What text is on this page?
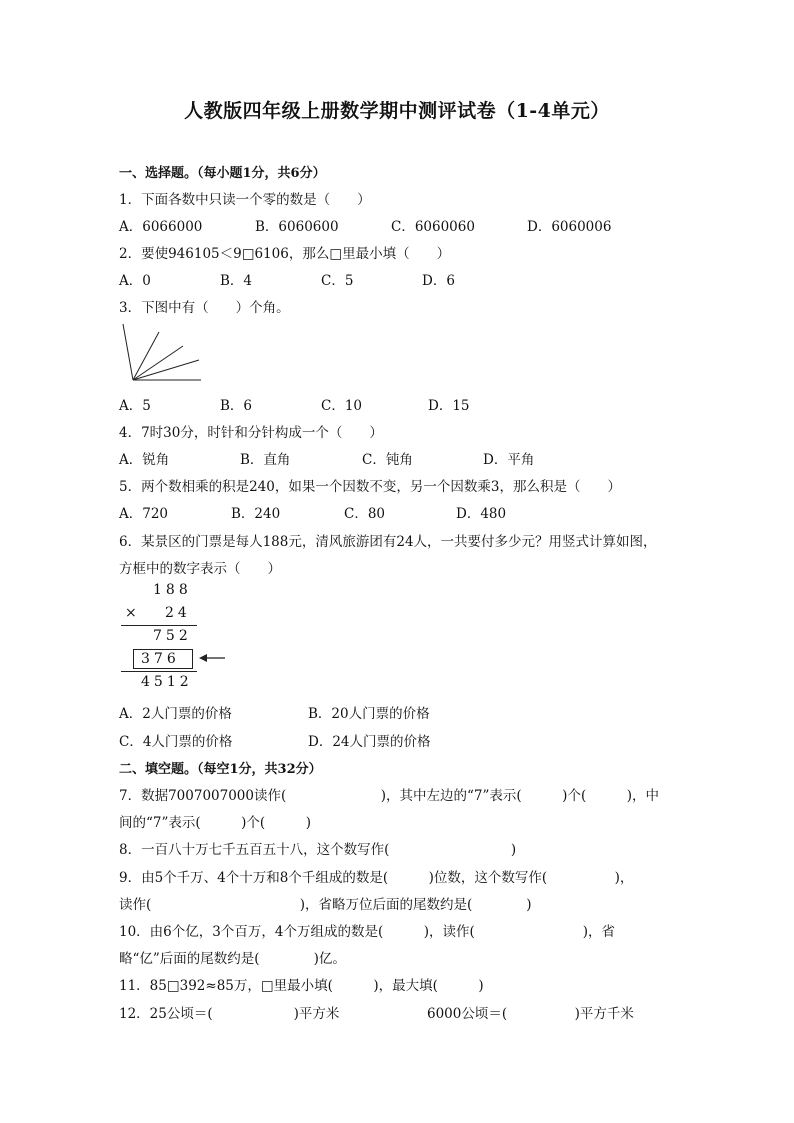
人教版四年级上册数学期中测评试卷（1-4单元）
一、选择题。（每小题1分，共6分）
1．下面各数中只读一个零的数是（　　）
A．6066000	B．6060600	C．6060060	D．6060006
2．要使946105＜9□6106，那么□里最小填（　　）
A．0	B．4	C．5	D．6
3．下图中有（　　）个角。
A．5	B．6	C．10	D．15
4．7时30分，时针和分针构成一个（　　）
A．锐角	B．直角	C．钝角	D．平角
5．两个数相乘的积是240，如果一个因数不变，另一个因数乘3，那么积是（　　）
A．720	B．240	C．80	D．480
6．某景区的门票是每人188元，清风旅游团有24人，一共要付多少元？用竖式计算如图，
方框中的数字表示（　　）
188
× 24
752
376
4512
A．2人门票的价格	B．20人门票的价格
C．4人门票的价格	D．24人门票的价格
二、填空题。（每空1分，共32分）
7．数据7007007000读作(　　　　　　　)，其中左边的“7”表示(　　　)个(　　　)，中
间的“7”表示(　　　)个(　　　)
8．一百八十万七千五百五十八，这个数写作(　　　　　　　　　)
9．由5个千万、4个十万和8个千组成的数是(　　　)位数，这个数写作(　　　　　)，
读作(　　　　　　　　　　　)，省略万位后面的尾数约是(　　　　)
10．由6个亿，3个百万，4个万组成的数是(　　　)，读作(　　　　　　　　)，省
略“亿”后面的尾数约是(　　　　)亿。
11．85□392≈85万，□里最小填(　　　)，最大填(　　　)
12．25公顷＝(　　　　　　)平方米	6000公顷＝(　　　　　)平方千米
